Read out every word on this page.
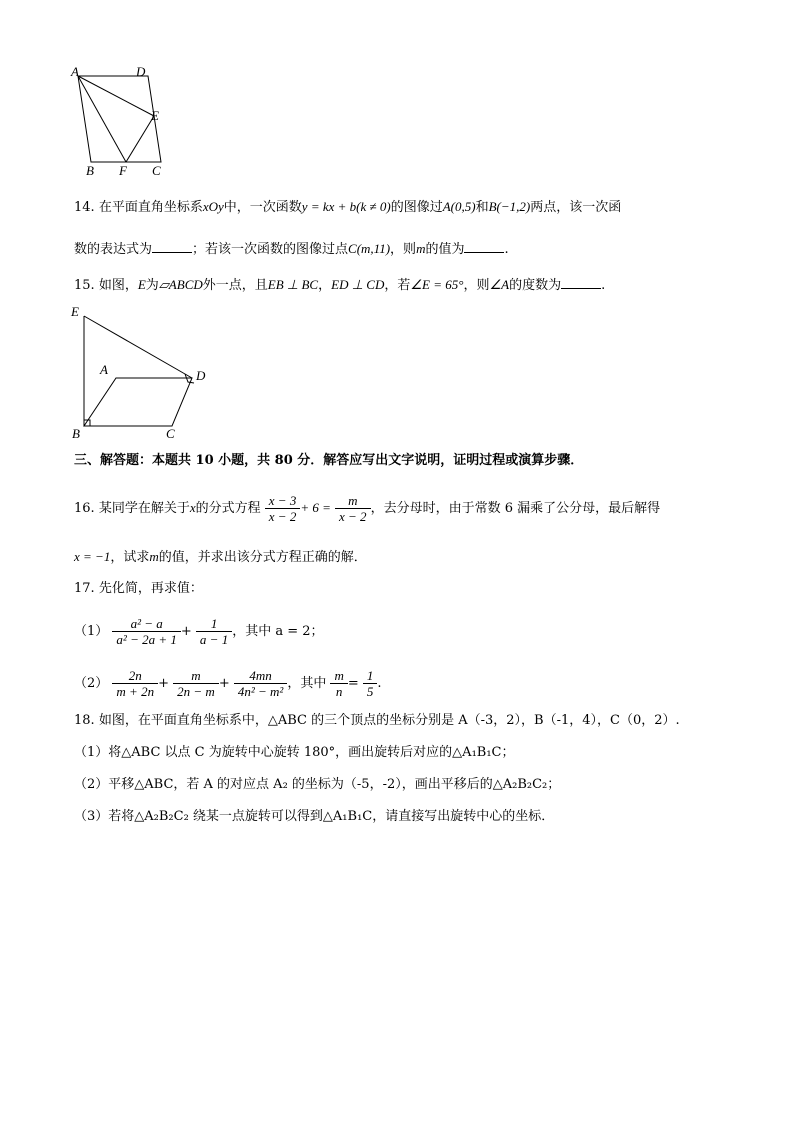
A	D
E
B F C
14. 在平面直角坐标系xOy中，一次函数y = kx + b(k ≠ 0)的图像过A(0,5)和B(−1,2)两点，该一次函
数的表达式为	；若该一次函数的图像过点C(m,11)，则m的值为	.
15. 如图，E为▱ABCD外一点，且EB ⊥ BC，ED ⊥ CD，若∠E = 65°，则∠A的度数为	.
E
A	D
B	C
三、解答题：本题共 10 小题，共 80 分．解答应写出文字说明，证明过程或演算步骤．
16. 某同学在解关于x的分式方程 $\frac{x - 3}{x - 2} + 6 = \frac{m}{x - 2}$ ，去分母时，由于常数 6 漏乘了公分母，最后解得
x = −1，试求m的值，并求出该分式方程正确的解．
17. 先化简，再求值：
$(1) \frac{\text{a² − a}}{\text{a² − 2a + 1}} + \frac{1}{a - 1}$ ，其中 a = 2；
$(2) \frac{2n}{m + 2n} + \frac{m}{2n - m} + \frac{4mn}{\text{4n² − m²}}$ ，其中 $\frac{m}{n} = \frac{1}{5}$ .
18. 如图，在平面直角坐标系中，△ABC 的三个顶点的坐标分别是 A（-3，2），B（-1，4），C（0，2）.
（1）将△ABC 以点 C 为旋转中心旋转 180°，画出旋转后对应的△A₁B₁C；
（2）平移△ABC，若 A 的对应点 A₂ 的坐标为（-5，-2），画出平移后的△A₂B₂C₂；
（3）若将△A₂B₂C₂ 绕某一点旋转可以得到△A₁B₁C，请直接写出旋转中心的坐标．
